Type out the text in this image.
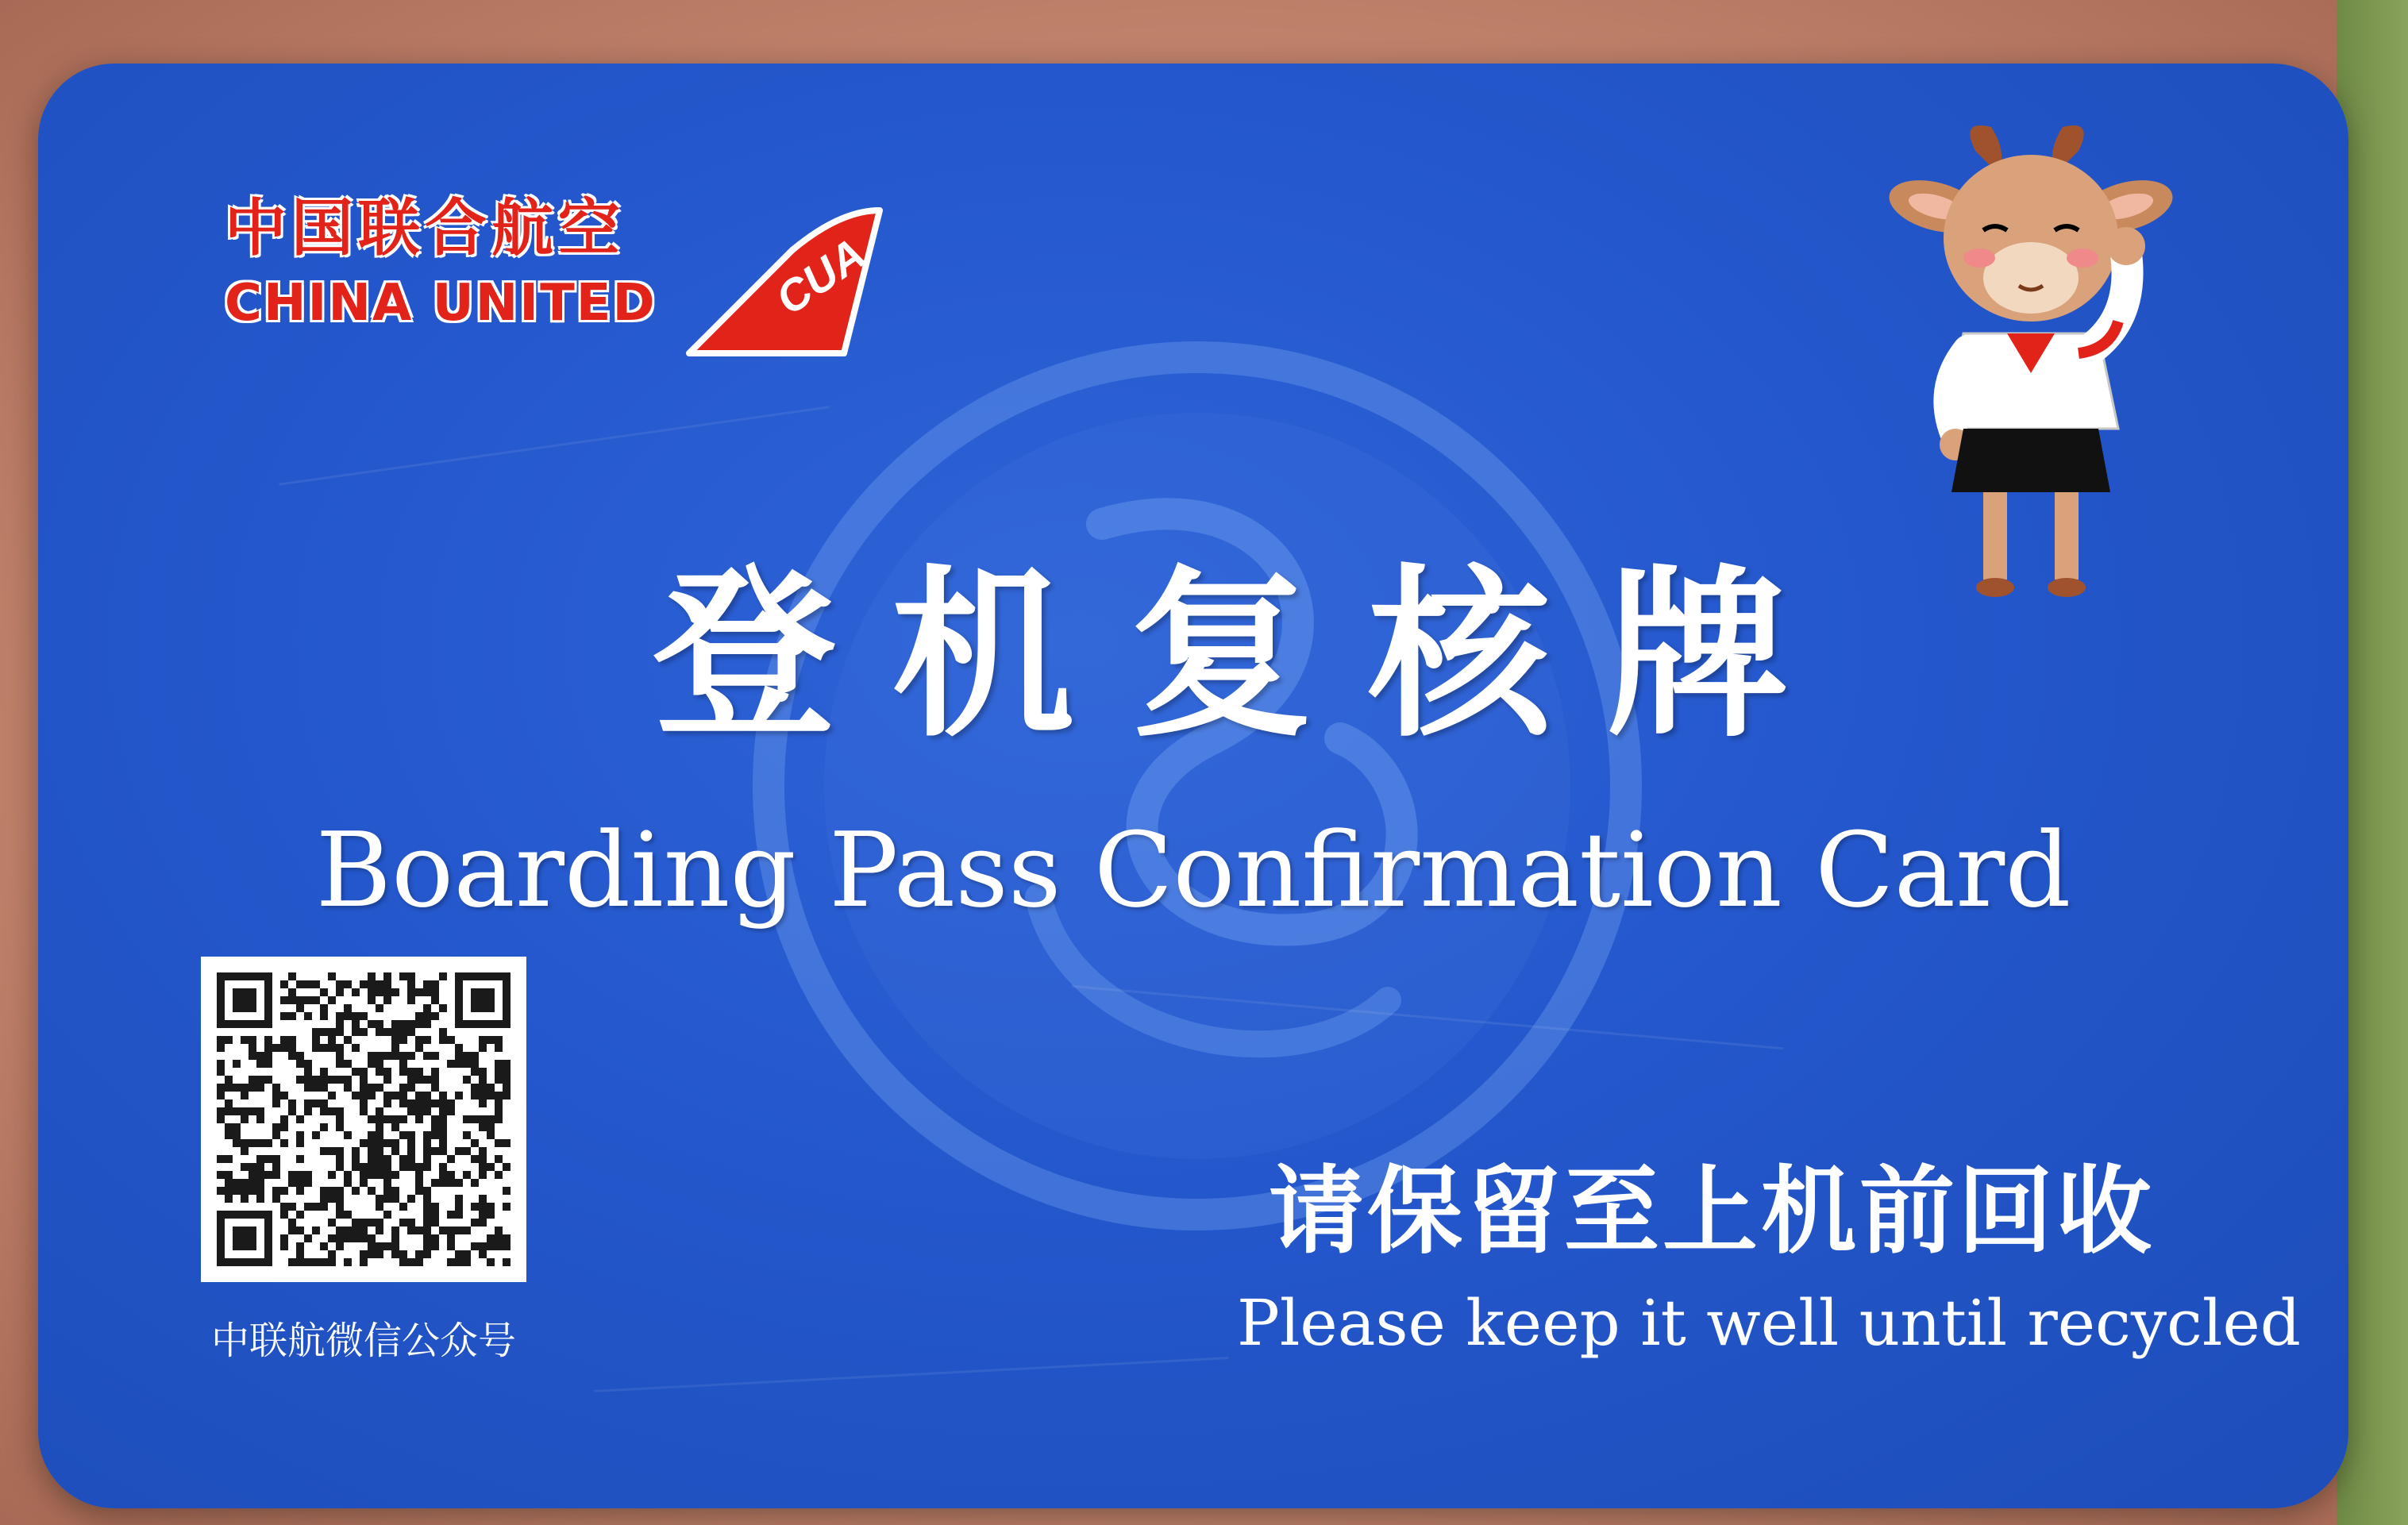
中国联合航空
CHINA UNITED CUA
登机复核牌
Boarding Pass Confirmation Card
中联航微信公众号
请保留至上机前回收
Please keep it well until recycled
